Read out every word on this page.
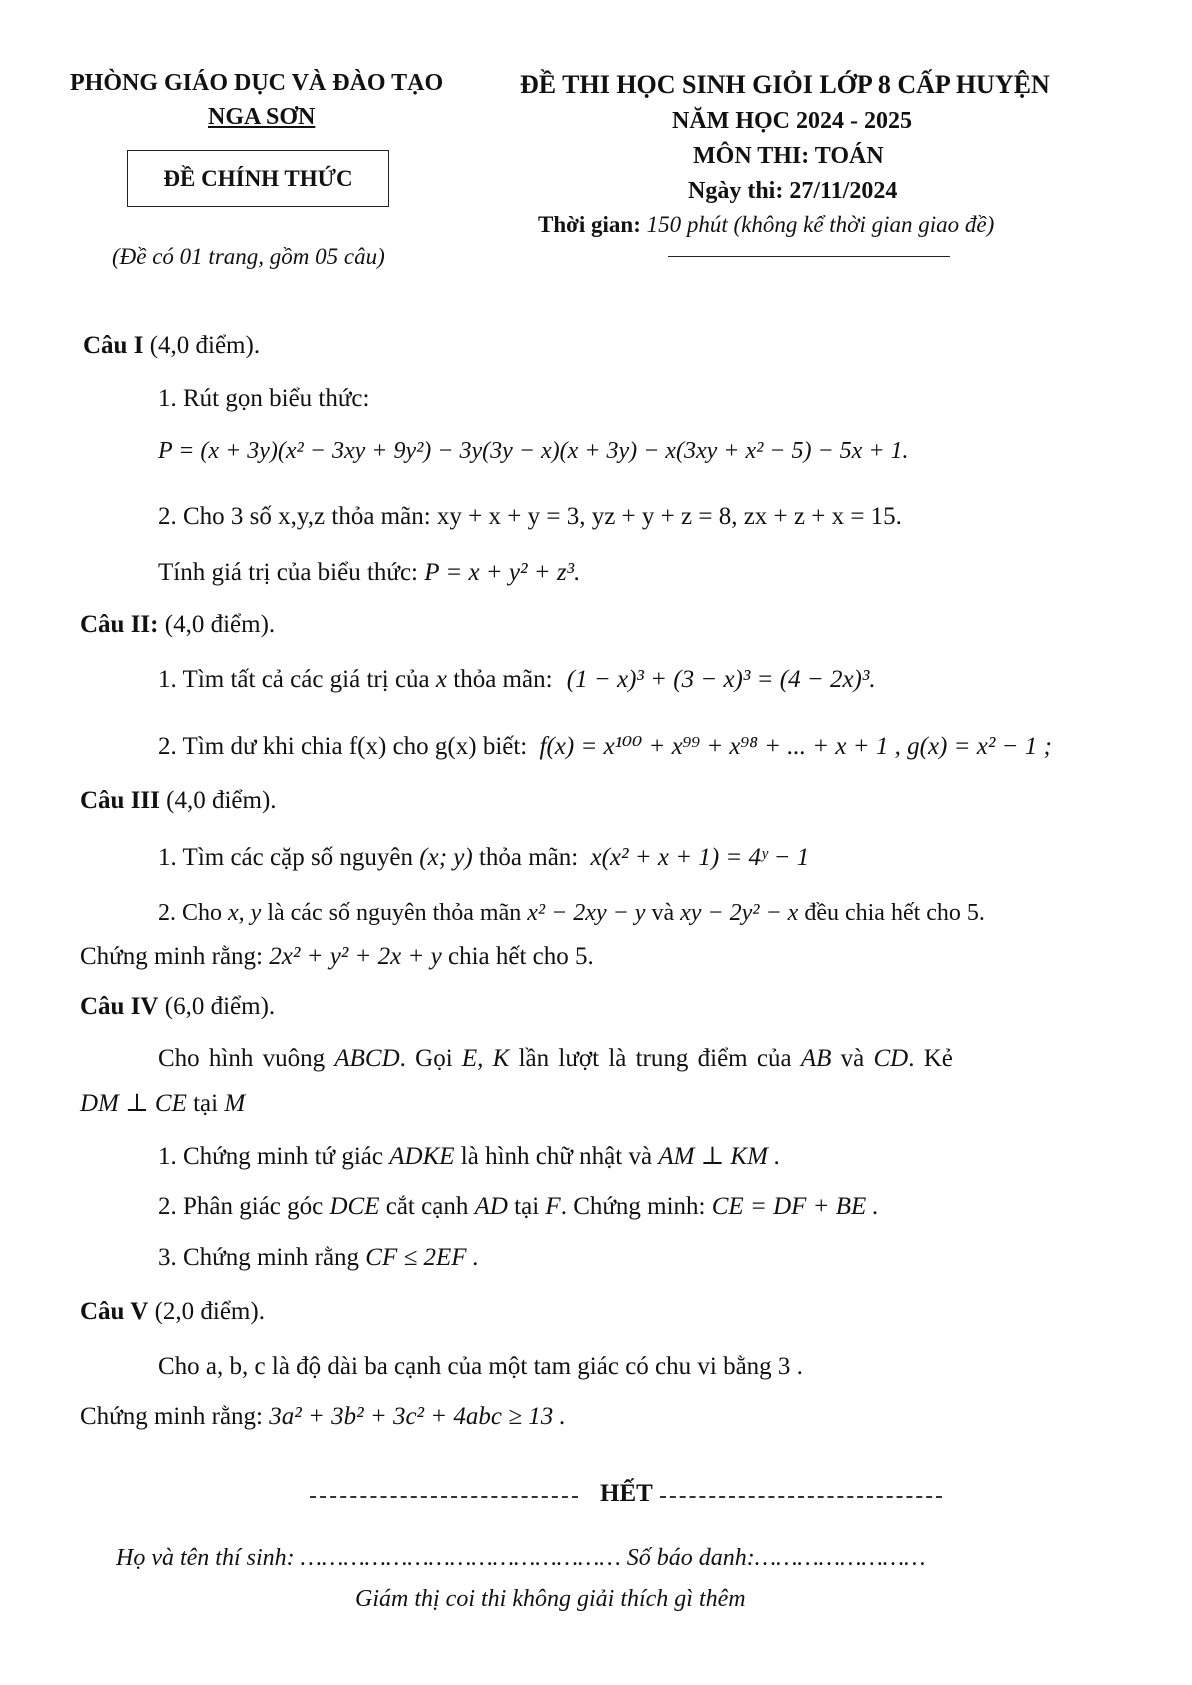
PHÒNG GIÁO DỤC VÀ ĐÀO TẠO
NGA SƠN
ĐỀ CHÍNH THỨC
(Đề có 01 trang, gồm 05 câu)
ĐỀ THI HỌC SINH GIỎI LỚP 8 CẤP HUYỆN
NĂM HỌC 2024 - 2025
MÔN THI: TOÁN
Ngày thi: 27/11/2024
Thời gian: 150 phút (không kể thời gian giao đề)
Câu I (4,0 điểm).
1. Rút gọn biểu thức:
P = (x + 3y)(x² − 3xy + 9y²) − 3y(3y − x)(x + 3y) − x(3xy + x² − 5) − 5x + 1.
2. Cho 3 số x,y,z thỏa mãn: xy + x + y = 3, yz + y + z = 8, zx + z + x = 15.
Tính giá trị của biểu thức: P = x + y² + z³.
Câu II: (4,0 điểm).
1. Tìm tất cả các giá trị của x thỏa mãn: (1 − x)³ + (3 − x)³ = (4 − 2x)³.
2. Tìm dư khi chia f(x) cho g(x) biết: f(x) = x¹⁰⁰ + x⁹⁹ + x⁹⁸ + ... + x + 1 , g(x) = x² − 1 ;
Câu III (4,0 điểm).
1. Tìm các cặp số nguyên (x; y) thỏa mãn: x(x² + x + 1) = 4ʸ − 1
2. Cho x, y là các số nguyên thỏa mãn x² − 2xy − y và xy − 2y² − x đều chia hết cho 5.
Chứng minh rằng: 2x² + y² + 2x + y chia hết cho 5.
Câu IV (6,0 điểm).
Cho hình vuông ABCD. Gọi E, K lần lượt là trung điểm của AB và CD. Kẻ
DM ⊥ CE tại M
1. Chứng minh tứ giác ADKE là hình chữ nhật và AM ⊥ KM .
2. Phân giác góc DCE cắt cạnh AD tại F. Chứng minh: CE = DF + BE .
3. Chứng minh rằng CF ≤ 2EF .
Câu V (2,0 điểm).
Cho a, b, c là độ dài ba cạnh của một tam giác có chu vi bằng 3 .
Chứng minh rằng: 3a² + 3b² + 3c² + 4abc ≥ 13 .
HẾT
Họ và tên thí sinh: ……………………………………… Số báo danh:……………………
Giám thị coi thi không giải thích gì thêm
